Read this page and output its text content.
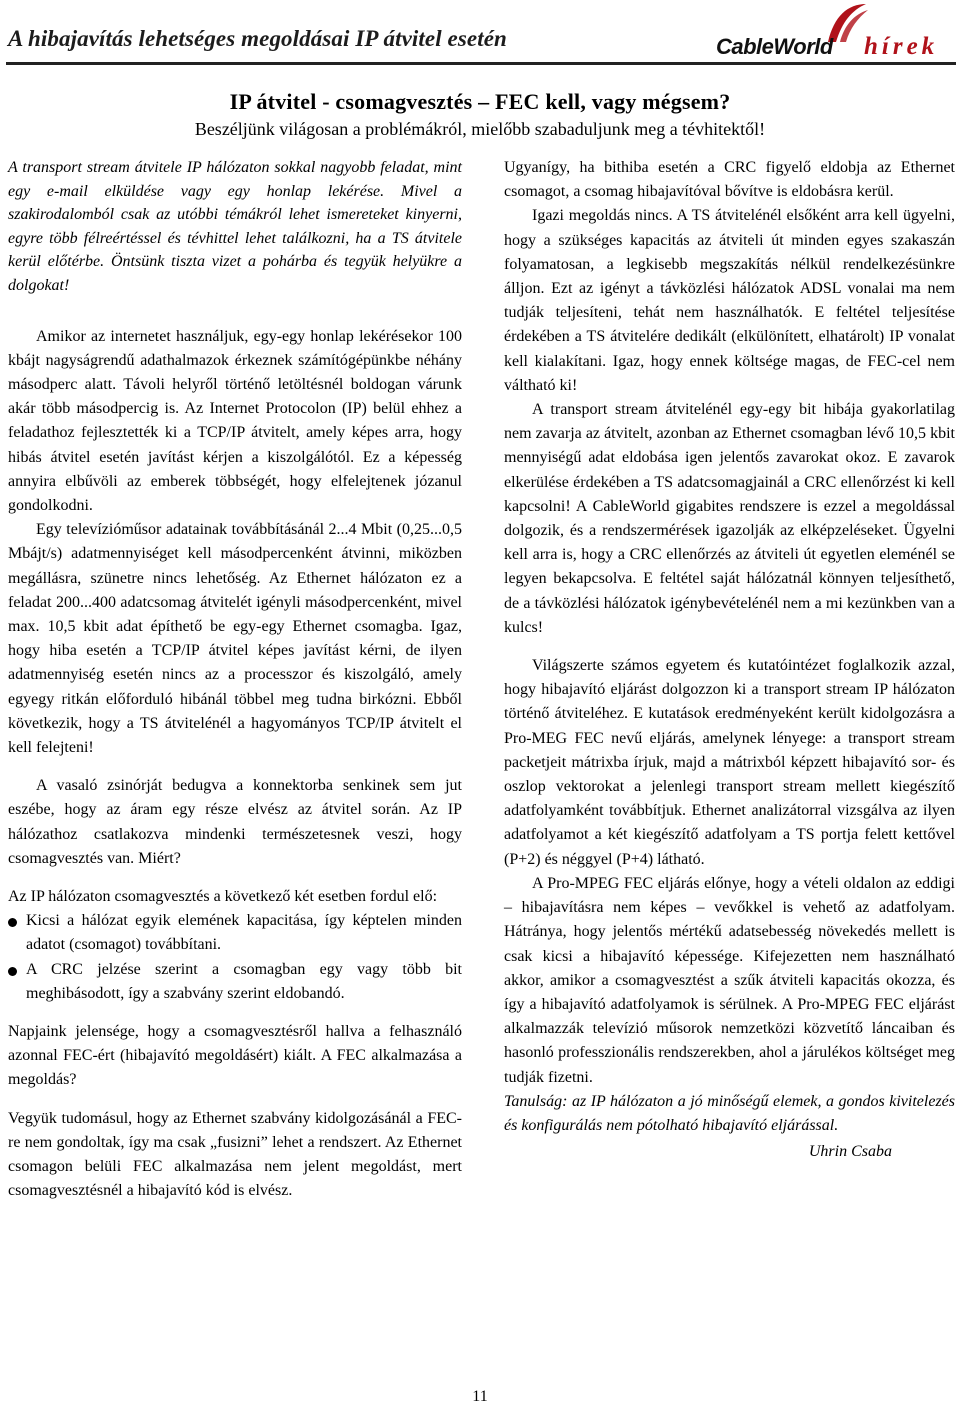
A hibajavítás lehetséges megoldásai IP átvitel esetén	CableWorld hírek
IP átvitel - csomagvesztés – FEC kell, vagy mégsem?
Beszéljünk világosan a problémákról, mielőbb szabaduljunk meg a tévhitektől!

A transport stream átvitele IP hálózaton sokkal nagyobb feladat, mint egy e-mail elküldése vagy egy honlap lekérése. Mivel a szakirodalomból csak az utóbbi témákról lehet ismereteket kinyerni, egyre több félreértéssel és tévhittel lehet találkozni, ha a TS átvitele kerül előtérbe. Öntsünk tiszta vizet a pohárba és tegyük helyükre a dolgokat!

Amikor az internetet használjuk, egy-egy honlap lekérésekor 100 kbájt nagyságrendű adathalmazok érkeznek számítógépünkbe néhány másodperc alatt. Távoli helyről történő letöltésnél boldogan várunk akár több másodpercig is. Az Internet Protocolon (IP) belül ehhez a feladathoz fejlesztették ki a TCP/IP átvitelt, amely képes arra, hogy hibás átvitel esetén javítást kérjen a kiszolgálótól. Ez a képesség annyira elbűvöli az emberek többségét, hogy elfelejtenek józanul gondolkodni.

Egy televízióműsor adatainak továbbításánál 2...4 Mbit (0,25...0,5 Mbájt/s) adatmennyiséget kell másodpercenként átvinni, miközben megállásra, szünetre nincs lehetőség. Az Ethernet hálózaton ez a feladat 200...400 adatcsomag átvitelét igényli másodpercenként, mivel max. 10,5 kbit adat építhető be egy-egy Ethernet csomagba. Igaz, hogy hiba esetén a TCP/IP átvitel képes javítást kérni, de ilyen adatmennyiség esetén nincs az a processzor és kiszolgáló, amely egyegy ritkán előforduló hibánál többel meg tudna birkózni. Ebből következik, hogy a TS átvitelénél a hagyományos TCP/IP átvitelt el kell felejteni!

A vasaló zsinórját bedugva a konnektorba senkinek sem jut eszébe, hogy az áram egy része elvész az átvitel során. Az IP hálózathoz csatlakozva mindenki természetesnek veszi, hogy csomagvesztés van. Miért?

Az IP hálózaton csomagvesztés a következő két esetben fordul elő:

Kicsi a hálózat egyik elemének kapacitása, így képtelen minden adatot (csomagot) továbbítani.

A CRC jelzése szerint a csomagban egy vagy több bit meghibásodott, így a szabvány szerint eldobandó.

Napjaink jelensége, hogy a csomagvesztésről hallva a felhasználó azonnal FEC-ért (hibajavító megoldásért) kiált. A FEC alkalmazása a megoldás?

Vegyük tudomásul, hogy az Ethernet szabvány kidolgozásánál a FEC-re nem gondoltak, így ma csak „fusizni” lehet a rendszert. Az Ethernet csomagon belüli FEC alkalmazása nem jelent megoldást, mert csomagvesztésnél a hibajavító kód is elvész.

Ugyanígy, ha bithiba esetén a CRC figyelő eldobja az Ethernet csomagot, a csomag hibajavítóval bővítve is eldobásra kerül.

Igazi megoldás nincs. A TS átvitelénél elsőként arra kell ügyelni, hogy a szükséges kapacitás az átviteli út minden egyes szakaszán folyamatosan, a legkisebb megszakítás nélkül rendelkezésünkre álljon. Ezt az igényt a távközlési hálózatok ADSL vonalai ma nem tudják teljesíteni, tehát nem használhatók. E feltétel teljesítése érdekében a TS átvitelére dedikált (elkülönített, elhatárolt) IP vonalat kell kialakítani. Igaz, hogy ennek költsége magas, de FEC-cel nem váltható ki!

A transport stream átvitelénél egy-egy bit hibája gyakorlatilag nem zavarja az átvitelt, azonban az Ethernet csomagban lévő 10,5 kbit mennyiségű adat eldobása igen jelentős zavarokat okoz. E zavarok elkerülése érdekében a TS adatcsomagjainál a CRC ellenőrzést ki kell kapcsolni! A CableWorld gigabites rendszere is ezzel a megoldással dolgozik, és a rendszermérések igazolják az elképzeléseket. Ügyelni kell arra is, hogy a CRC ellenőrzés az átviteli út egyetlen eleménél se legyen bekapcsolva. E feltétel saját hálózatnál könnyen teljesíthető, de a távközlési hálózatok igénybevételénél nem a mi kezünkben van a kulcs!

Világszerte számos egyetem és kutatóintézet foglalkozik azzal, hogy hibajavító eljárást dolgozzon ki a transport stream IP hálózaton történő átviteléhez. E kutatások eredményeként került kidolgozásra a Pro-MEG FEC nevű eljárás, amelynek lényege: a transport stream packetjeit mátrixba írjuk, majd a mátrixból képzett hibajavító sor- és oszlop vektorokat a jelenlegi transport stream mellett kiegészítő adatfolyamként továbbítjuk. Ethernet analizátorral vizsgálva az ilyen adatfolyamot a két kiegészítő adatfolyam a TS portja felett kettővel (P+2) és néggyel (P+4) látható.

A Pro-MPEG FEC eljárás előnye, hogy a vételi oldalon az eddigi – hibajavításra nem képes – vevőkkel is vehető az adatfolyam. Hátránya, hogy jelentős mértékű adatsebesség növekedés mellett is csak kicsi a hibajavító képessége. Kifejezetten nem használható akkor, amikor a csomagvesztést a szűk átviteli kapacitás okozza, és így a hibajavító adatfolyamok is sérülnek. A Pro-MPEG FEC eljárást alkalmazzák televízió műsorok nemzetközi közvetítő láncaiban és hasonló professzionális rendszerekben, ahol a járulékos költséget meg tudják fizetni.

Tanulság: az IP hálózaton a jó minőségű elemek, a gondos kivitelezés és konfigurálás nem pótolható hibajavító eljárással.

Uhrin Csaba

11
